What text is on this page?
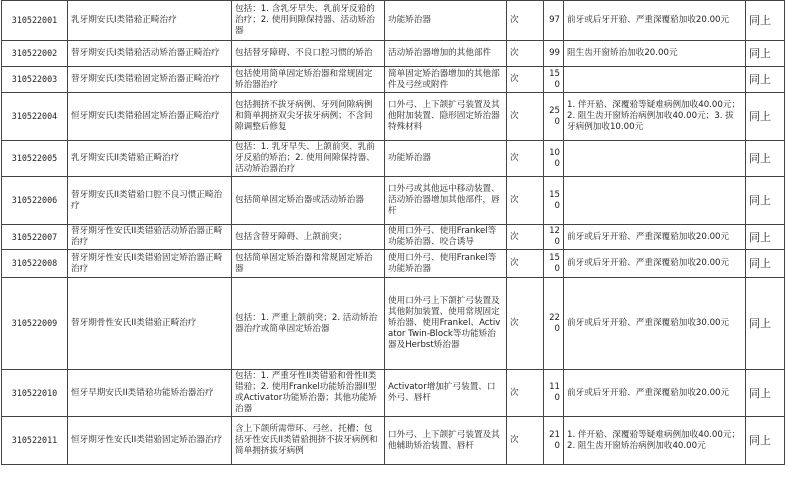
310522001	乳牙期安氏I类错𬌗正畸治疗	包括：1. 含乳牙早失、乳前牙反𬌗的治疗；2. 使用间隙保持器、活动矫治器	功能矫治器	次	97	前牙或后牙开𬌗、严重深覆𬌗加收20.00元	同上
310522002	替牙期安氏I类错𬌗活动矫治器正畸治疗	包括替牙障碍、不良口腔习惯的矫治	活动矫治器增加的其他部件	次	99	阻生齿开窗矫治加收20.00元	同上
310522003	替牙期安氏I类错𬌗固定矫治器正畸治疗	包括使用简单固定矫治器和常规固定矫治器治疗	简单固定矫治器增加的其他部件及弓丝或附件	次	150		同上
310522004	恒牙期安氏I类错𬌗固定矫治器正畸治疗	包括拥挤不拔牙病例、牙列间隙病例和简单拥挤双尖牙拔牙病例；不含间隙调整后修复	口外弓、上下颌扩弓装置及其他附加装置、隐形固定矫治器特殊材料	次	250	1. 伴开𬌗、深覆𬌗等疑难病例加收40.00元；2. 阻生齿开窗矫治病例加收40.00元；3. 拔牙病例加收10.00元	同上
310522005	乳牙期安氏II类错𬌗正畸治疗	包括：1. 乳牙早失、上颌前突、乳前牙反𬌗的矫治；2. 使用间隙保持器、活动矫治器治疗	功能矫治器	次	100		同上
310522006	替牙期安氏II类错𬌗口腔不良习惯正畸治疗	包括简单固定矫治器或活动矫治器	口外弓或其他远中移动装置、活动矫治器增加其他部件，唇杆	次	150		同上
310522007	替牙期牙性安氏II类错𬌗活动矫治器正畸治疗	包括含替牙障碍、上颌前突；	使用口外弓、使用Frankel等功能矫治器、咬合诱导	次	120	前牙或后牙开𬌗、严重深覆𬌗加收20.00元	同上
310522008	替牙期牙性安氏II类错𬌗固定矫治器正畸治疗	包括简单固定矫治器和常规固定矫治器	使用口外弓、使用Frankel等功能矫治器	次	150	前牙或后牙开𬌗、严重深覆𬌗加收20.00元	同上
310522009	替牙期骨性安氏II类错𬌗正畸治疗	包括：1. 严重上颌前突；2. 活动矫治器治疗或简单固定矫治器	使用口外弓上下颌扩弓装置及其他附加装置、使用常规固定矫治器、使用Frankel、Activator Twin-Block等功能矫治器及Herbst矫治器	次	220	前牙或后牙开𬌗、严重深覆𬌗加收30.00元	同上
310522010	恒牙早期安氏II类错𬌗功能矫治器治疗	包括：1. 严重牙性II类错𬌗和骨性II类错𬌗；2. 使用Frankel功能矫治器II型或Activator功能矫治器；其他功能矫治器	Activator增加扩弓装置、口外弓、唇杆	次	110	前牙或后牙开𬌗、严重深覆𬌗加收20.00元	同上
310522011	恒牙期牙性安氏II类错𬌗固定矫治器治疗	含上下颌所需带环、弓丝、托槽；包括牙性安氏II类错𬌗拥挤不拔牙病例和简单拥挤拔牙病例	口外弓、上下颌扩弓装置及其他辅助矫治装置、唇杆	次	210	1. 伴开𬌗、深覆𬌗等疑难病例加收40.00元；2. 阻生齿开窗矫治病例加收40.00元	同上
